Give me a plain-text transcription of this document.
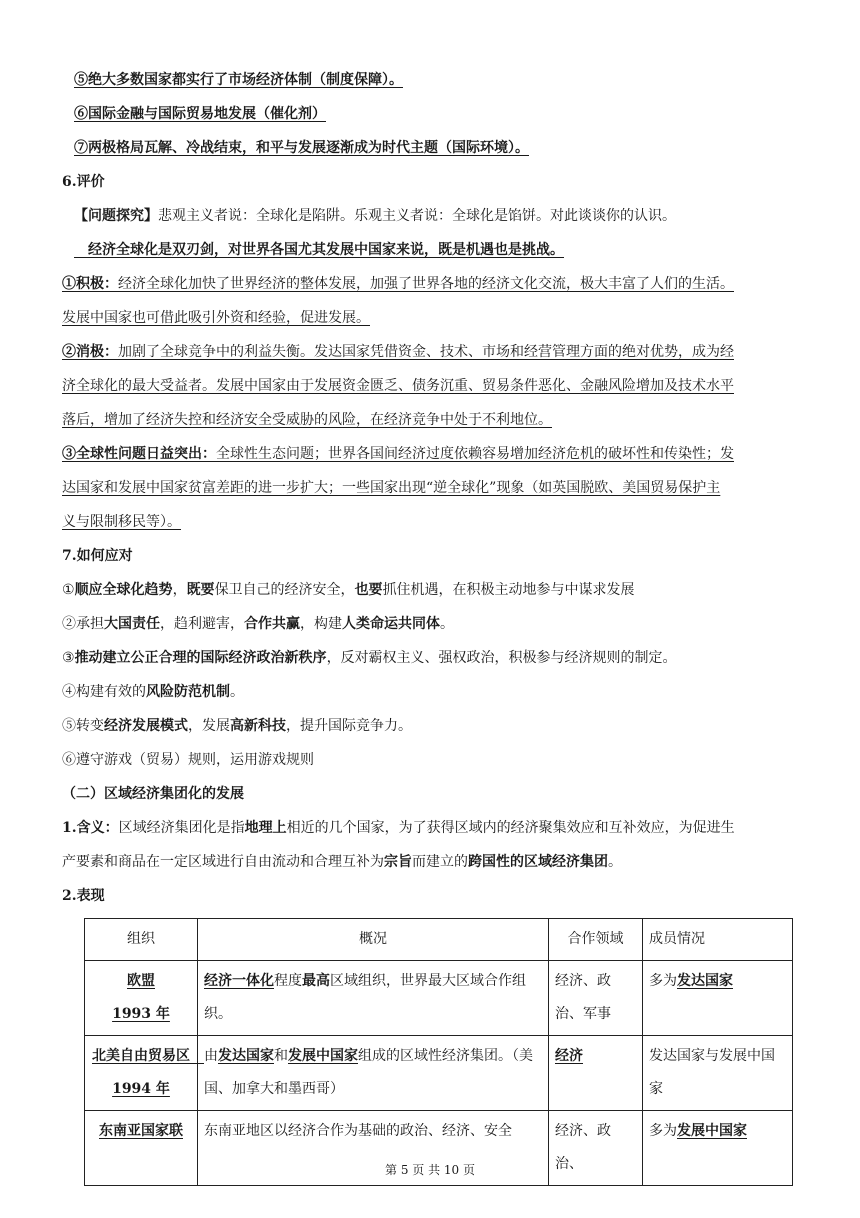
⑤绝大多数国家都实行了市场经济体制（制度保障）。
⑥国际金融与国际贸易地发展（催化剂）
⑦两极格局瓦解、冷战结束，和平与发展逐渐成为时代主题（国际环境）。
6.评价
【问题探究】悲观主义者说：全球化是陷阱。乐观主义者说：全球化是馅饼。对此谈谈你的认识。
　经济全球化是双刃剑，对世界各国尤其发展中国家来说，既是机遇也是挑战。
①积极：经济全球化加快了世界经济的整体发展，加强了世界各地的经济文化交流，极大丰富了人们的生活。
发展中国家也可借此吸引外资和经验，促进发展。
②消极：加剧了全球竞争中的利益失衡。发达国家凭借资金、技术、市场和经营管理方面的绝对优势，成为经
济全球化的最大受益者。发展中国家由于发展资金匮乏、债务沉重、贸易条件恶化、金融风险增加及技术水平
落后，增加了经济失控和经济安全受威胁的风险，在经济竞争中处于不利地位。
③全球性问题日益突出：全球性生态问题；世界各国间经济过度依赖容易增加经济危机的破坏性和传染性；发
达国家和发展中国家贫富差距的进一步扩大；一些国家出现“逆全球化”现象（如英国脱欧、美国贸易保护主
义与限制移民等）。
7.如何应对
①顺应全球化趋势，既要保卫自己的经济安全，也要抓住机遇，在积极主动地参与中谋求发展
②承担大国责任，趋利避害，合作共赢，构建人类命运共同体。
③推动建立公正合理的国际经济政治新秩序，反对霸权主义、强权政治，积极参与经济规则的制定。
④构建有效的风险防范机制。
⑤转变经济发展模式，发展高新科技，提升国际竞争力。
⑥遵守游戏（贸易）规则，运用游戏规则
（二）区域经济集团化的发展
1.含义：区域经济集团化是指地理上相近的几个国家，为了获得区域内的经济聚集效应和互补效应，为促进生
产要素和商品在一定区域进行自由流动和合理互补为宗旨而建立的跨国性的区域经济集团。
2.表现
组织	概况	合作领域	成员情况
欧盟
1993 年	经济一体化程度最高区域组织，世界最大区域合作组织。	经济、政治、军事	多为发达国家
北美自由贸易区　1994 年	由发达国家和发展中国家组成的区域性经济集团。（美国、加拿大和墨西哥）	经济	发达国家与发展中国家
东南亚国家联	东南亚地区以经济合作为基础的政治、经济、安全	经济、政治、	多为发展中国家
第 5 页 共 10 页
